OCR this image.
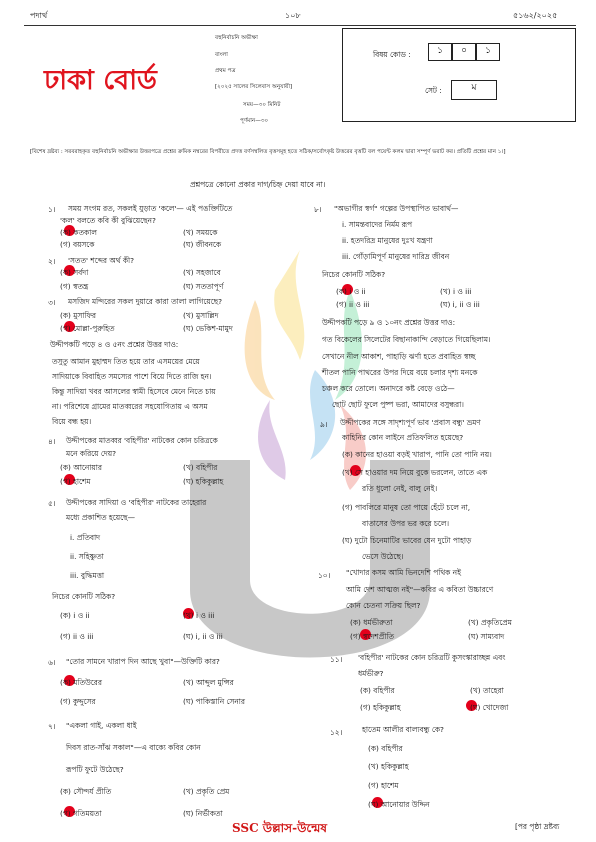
পদার্থ	১০৮	৫১৬২/২০২৫
ঢাকা বোর্ড
বহুনির্বাচনি অভীক্ষা
বাংলা
প্রথম পত্র
[২০২৫ সালের সিলেবাস অনুযায়ী]
সময়—৩০ মিনিট
পূর্ণমান—৩০
বিষয় কোড :	১	০	১
সেট :	ম
[বিশেষ দ্রষ্টব্য : সরবরাহকৃত বহুনির্বাচনি অভীক্ষার উত্তরপত্রে প্রশ্নের ক্রমিক নম্বরের বিপরীতে প্রদত্ত বর্ণসম্বলিত বৃত্তসমূহ হতে সঠিক/সর্বোৎকৃষ্ট উত্তরের বৃত্তটি বল পয়েন্ট কলম দ্বারা সম্পূর্ণ ভরাট কর। প্রতিটি প্রশ্নের মান ১।]
প্রশ্নপত্রে কোনো প্রকার দাগ/চিহ্ন দেয়া যাবে না।
১। সময় সংগম রত, সকলই যুড়াত 'কলে'— এই পঙক্তিটিতে
'কল' বলতে কবি কী বুঝিয়েছেন?
(ক) কতকাল	(খ) সময়কে
(গ) বয়সকে	(ঘ) জীবনকে
২। 'সতত' শব্দের অর্থ কী?
(ক) সর্বদা	(খ) সহজাবে
(গ) স্বতন্ত্র	(ঘ) সততাপূর্ণ
৩। মসজিদ মন্দিরের সকল দুয়ারে কারা তালা লাগিয়েছে?
(ক) মুসাফির	(খ) মুসাল্লিদ
(গ) মোল্লা-পুরুহিত	(ঘ) ভেকিশ-মামুদ
উদ্দীপকটি পড়ে ৪ ও ৫নং প্রশ্নের উত্তর দাও:
তসুতু আমান মুহাম্মদ তিত হয়ে তার এসময়ের মেয়ে
সাদিয়াকে বিবাহিত সমস্যের পাশে বিয়ে দিতে রাজি হন।
কিন্তু সাদিয়া খবর আসলের স্বামী হিসেবে মেনে নিতে চায়
না। পরিশেষে গ্রামের মাতব্বরের সহযোগিতায় এ অসম
বিয়ে বন্ধ হয়।
৪। উদ্দীপকের মাতব্বর 'বহিপীর' নাটকের কোন চরিত্রকে
মনে করিয়ে দেয়?
(ক) আনোয়ার	(খ) বহিপীর
(গ) হাশেম	(ঘ) হকিকুল্লাহ
৫। উদ্দীপকের সাদিয়া ও 'বহিপীর' নাটকের তাহেরার
মধ্যে প্রকাশিত হয়েছে—
i. প্রতিবাদ
ii. সহিষ্ণুতা
iii. বুদ্ধিমত্তা
নিচের কোনটি সঠিক?
(ক) i ও ii	(খ) i ও iii
(গ) ii ও iii	(ঘ) i, ii ও iii
৬। "তোর সামনে খারাপ দিন আছে খুবা"—উক্তিটি কার?
(ক) মতিউরের	(খ) আব্দুল মুন্সির
(গ) কুদ্দুসের	(ঘ) পাকিস্তানি সেনার
৭। "একলা গাই, একলা ধাই
দিবস রাত-সাঁঝ সকাল"—এ বাক্যে কবির কোন
রূপটি ফুটে উঠেছে?
(ক) সৌন্দর্য প্রীতি	(খ) প্রকৃতি প্রেম
(গ) গতিময়তা	(ঘ) নির্ভীকতা
৮। "অভাগীর স্বর্গ" গল্পের উপস্থাপিত ভাবার্থ—
i. সামন্তবাদের নির্মম রূপ
ii. হতদরিদ্র মানুষের দুঃখ যন্ত্রণা
iii. গোঁড়ামিপূর্ণ মানুষের দারিদ্র জীবন
নিচের কোনটি সঠিক?
(ক) i ও ii	(খ) i ও iii
(গ) ii ও iii	(ঘ) i, ii ও iii
উদ্দীপকটি পড়ে ৯ ও ১০নং প্রশ্নের উত্তর দাও:
গত বিকেলের সিলেটের বিছানাকান্দি বেড়াতে গিয়েছিলাম।
সেখানে নীল আকাশ, পাহাড়ি ঝর্ণা হতে প্রবাহিত স্বচ্ছ
শীতল পানি পাথরের উপর দিয়ে বয়ে চলার দৃশ্য মনকে
চঞ্চল করে তোলে। অনাদরে কষ্ট বেড়ে ওঠে—
ছোট ছোট ফুলে পুষ্প ভরা, আমাদের বসুন্ধরা।
৯। উদ্দীপকের সঙ্গে সাদৃশ্যপূর্ণ ভাব 'প্রবাস বন্ধু' ভ্রমণ
কাহিনির কোন লাইনে প্রতিফলিত হয়েছে?
(ক) কানের হাওয়া বড়ই খারাপ, পানি তো পানি নয়।
(খ) সে হাওয়ার দম নিয়ে বুকে ভরলেন, তাতে এক
রতি ধুলো নেই, বালু নেই।
(গ) পাবলিরে মানুষ তো পায়ে হেঁটে চলে না,
বাতাসের উপর ভর করে চলে।
(ঘ) দুটো চিনেমাটির ভাবের যেন দুটো পাহাড়
ভেসে উঠেছে।
১০। "খোদার কসম আমি ভিনদেশি পথিক নই
আমি দেশ আত্মজ নই"—কবির এ কবিতা উচ্চারণে
কোন চেতনা সক্রিয় ছিল?
(ক) ধর্মভীরুতা	(খ) প্রকৃতিপ্রেম
(গ) স্বদেশপ্রীতি	(ঘ) সাম্যবাদ
১১। 'বহিপীর' নাটকের কোন চরিত্রটি কুসংস্কারাচ্ছন্ন এবং
ধর্মভীরু?
(ক) বহিপীর	(খ) তাহেরা
(গ) হকিকুল্লাহ	(ঘ) খোদেজা
১২।	হাতেম আলীর বাল্যবন্ধু কে?
(ক) বহিপীর
(খ) হকিকুল্লাহ
(গ) হাশেম
(ঘ) আনোয়ার উদ্দিন
SSC উল্লাস-উন্মেষ	[পর পৃষ্ঠা দ্রষ্টব্য
